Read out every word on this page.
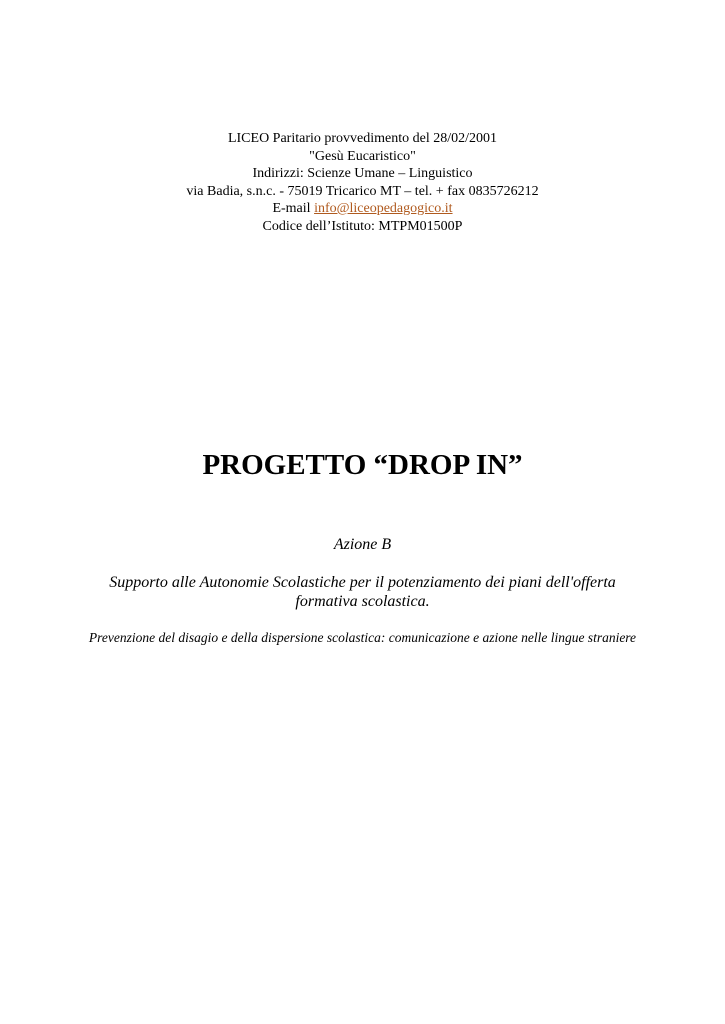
LICEO Paritario provvedimento del 28/02/2001
"Gesù Eucaristico"
Indirizzi: Scienze Umane – Linguistico
via Badia, s.n.c. - 75019 Tricarico MT – tel. + fax 0835726212
E-mail info@liceopedagogico.it
Codice dell’Istituto: MTPM01500P
PROGETTO “DROP IN”
Azione B
Supporto alle Autonomie Scolastiche per il potenziamento dei piani dell'offerta formativa scolastica.
Prevenzione del disagio e della dispersione scolastica: comunicazione e azione nelle lingue straniere
